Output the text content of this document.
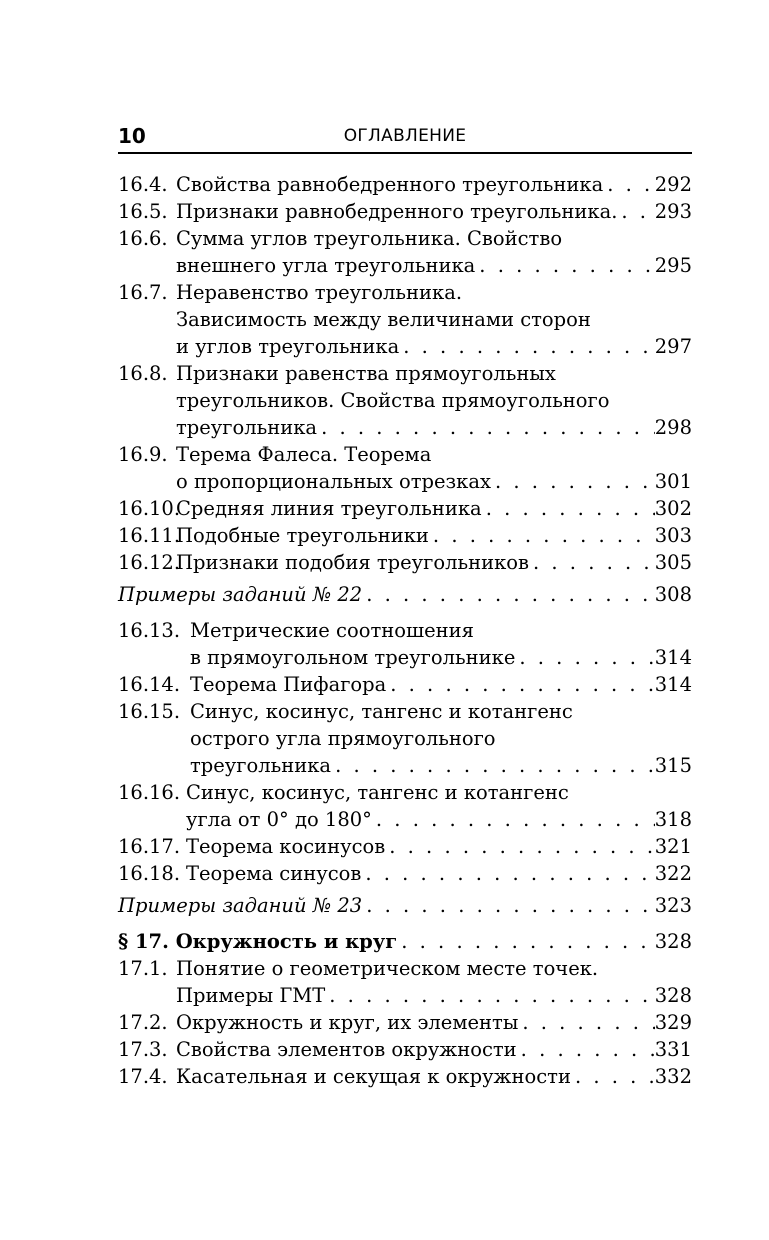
10	ОГЛАВЛЕНИЕ
16.4. Свойства равнобедренного треугольника . . .	292
16.5. Признаки равнобедренного треугольника. . . . 293
16.6. Сумма углов треугольника. Свойство
внешнего угла треугольника . . .	295
16.7. Неравенство треугольника.
Зависимость между величинами сторон
и углов треугольника . . .	297
16.8. Признаки равенства прямоугольных
треугольников. Свойства прямоугольного
треугольника . . .	298
16.9. Терема Фалеса. Теорема
о пропорциональных отрезках . . .	301
16.10.
Средняя линия треугольника . . .	302
16.11.
Подобные треугольники . . .	303
16.12.
Признаки подобия треугольников . . .	305
Примеры заданий № 22 . . .	308
16.13. Метрические соотношения
в прямоугольном треугольнике . . .	314
16.14. Теорема Пифагора . . .	314
16.15. Синус, косинус, тангенс и котангенс
острого угла прямоугольного
треугольника . . .	315
16.16. Синус, косинус, тангенс и котангенс
угла от 0° до 180° . . .	318
16.17. Теорема косинусов . . .	321
16.18. Теорема синусов . . .	322
Примеры заданий № 23 . . .	323
§ 17. Окружность и круг . . .	328
17.1. Понятие о геометрическом месте точек.
Примеры ГМТ . . .	328
17.2. Окружность и круг, их элементы . . .	329
17.3. Свойства элементов окружности . . .	331
17.4. Касательная и секущая к окружности . . .	332
